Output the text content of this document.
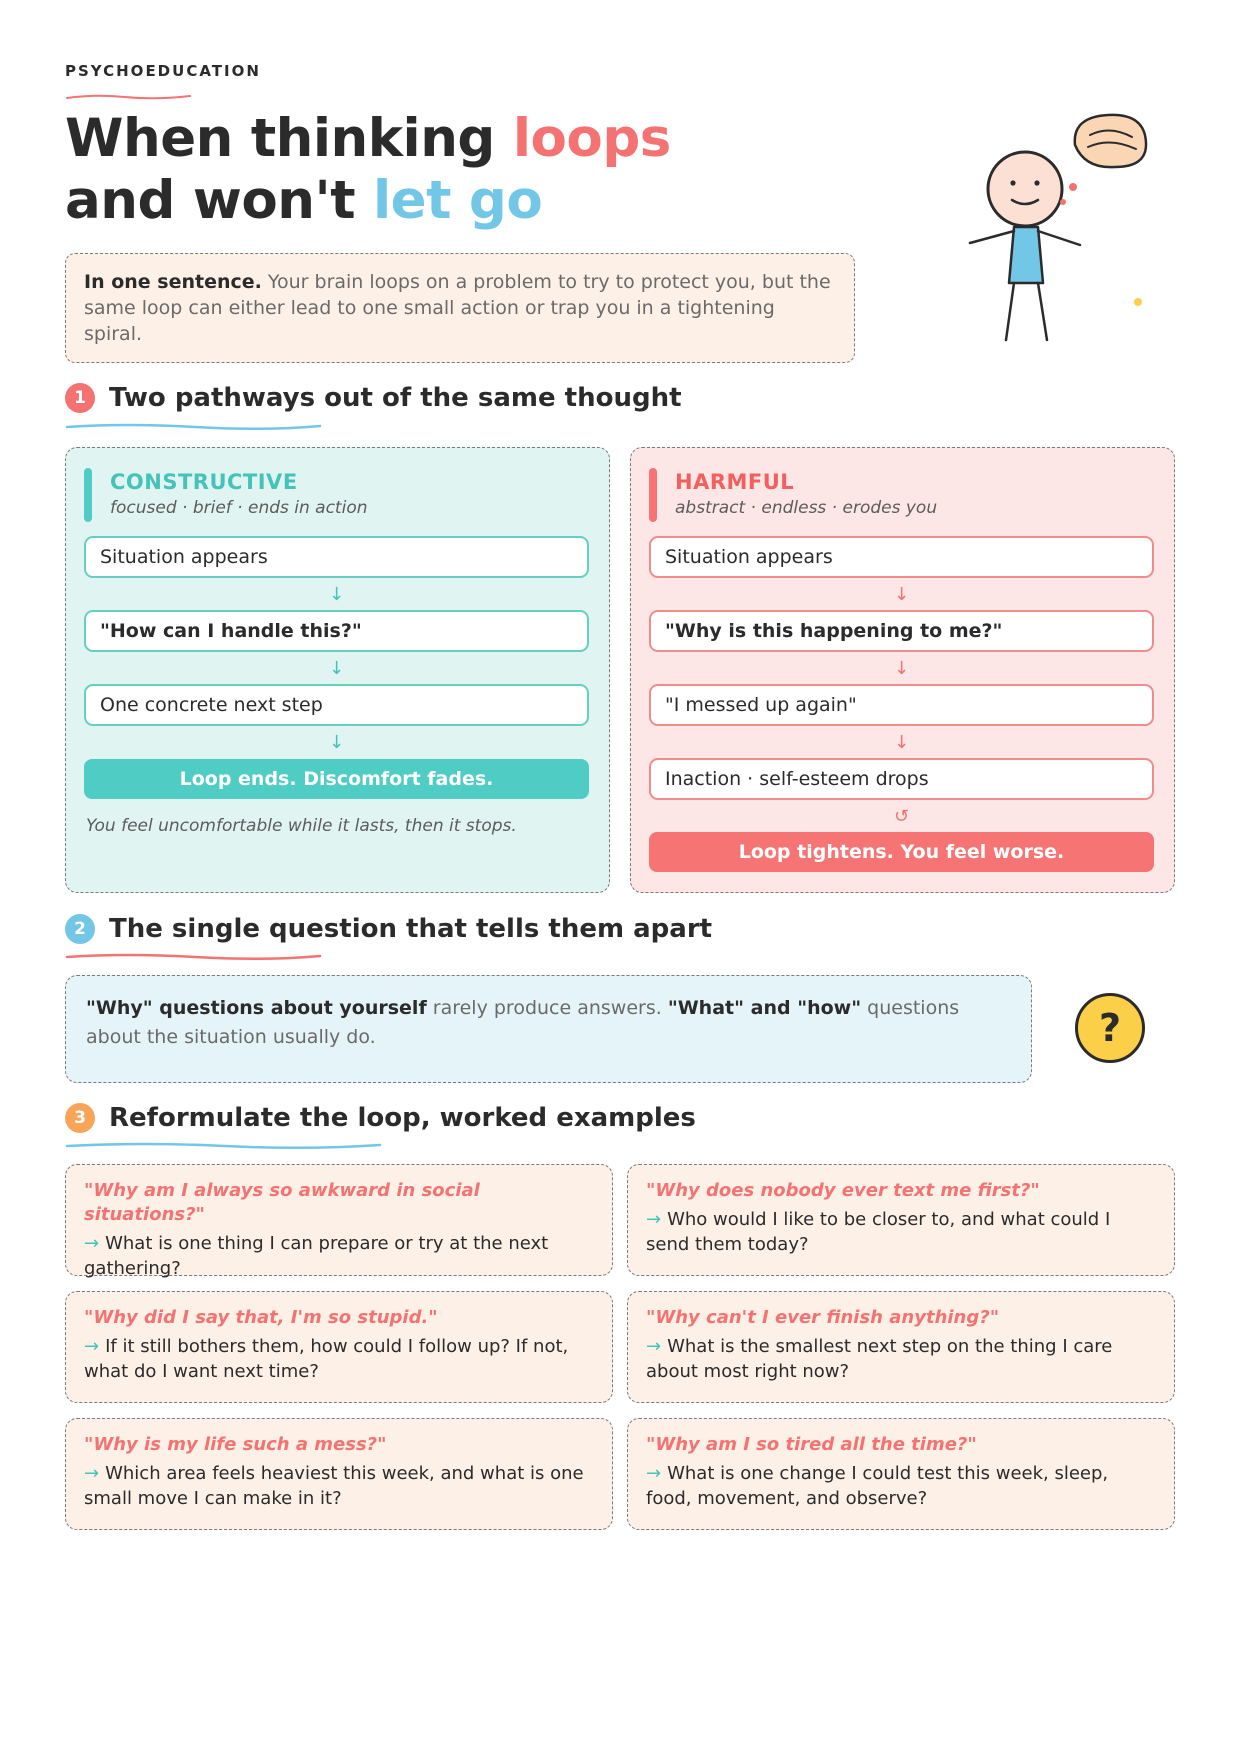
PSYCHOEDUCATION
When thinking loops
and won't let go
In one sentence. Your brain loops on a problem to try to protect you, but the same loop can either lead to one small action or trap you in a tightening spiral.
1 Two pathways out of the same thought
CONSTRUCTIVE
focused · brief · ends in action
Situation appears
↓
"How can I handle this?"
↓
One concrete next step
↓
Loop ends. Discomfort fades.
You feel uncomfortable while it lasts, then it stops.
HARMFUL
abstract · endless · erodes you
Situation appears
↓
"Why is this happening to me?"
↓
"I messed up again"
↓
Inaction · self-esteem drops
↺
Loop tightens. You feel worse.
2 The single question that tells them apart
"Why" questions about yourself rarely produce answers. "What" and "how" questions about the situation usually do.	?
3 Reformulate the loop, worked examples
"Why am I always so awkward in social situations?"
→ What is one thing I can prepare or try at the next gathering?
"Why does nobody ever text me first?"
→ Who would I like to be closer to, and what could I send them today?
"Why did I say that, I'm so stupid."
→ If it still bothers them, how could I follow up? If not, what do I want next time?
"Why can't I ever finish anything?"
→ What is the smallest next step on the thing I care about most right now?
"Why is my life such a mess?"
→ Which area feels heaviest this week, and what is one small move I can make in it?
"Why am I so tired all the time?"
→ What is one change I could test this week, sleep, food, movement, and observe?
